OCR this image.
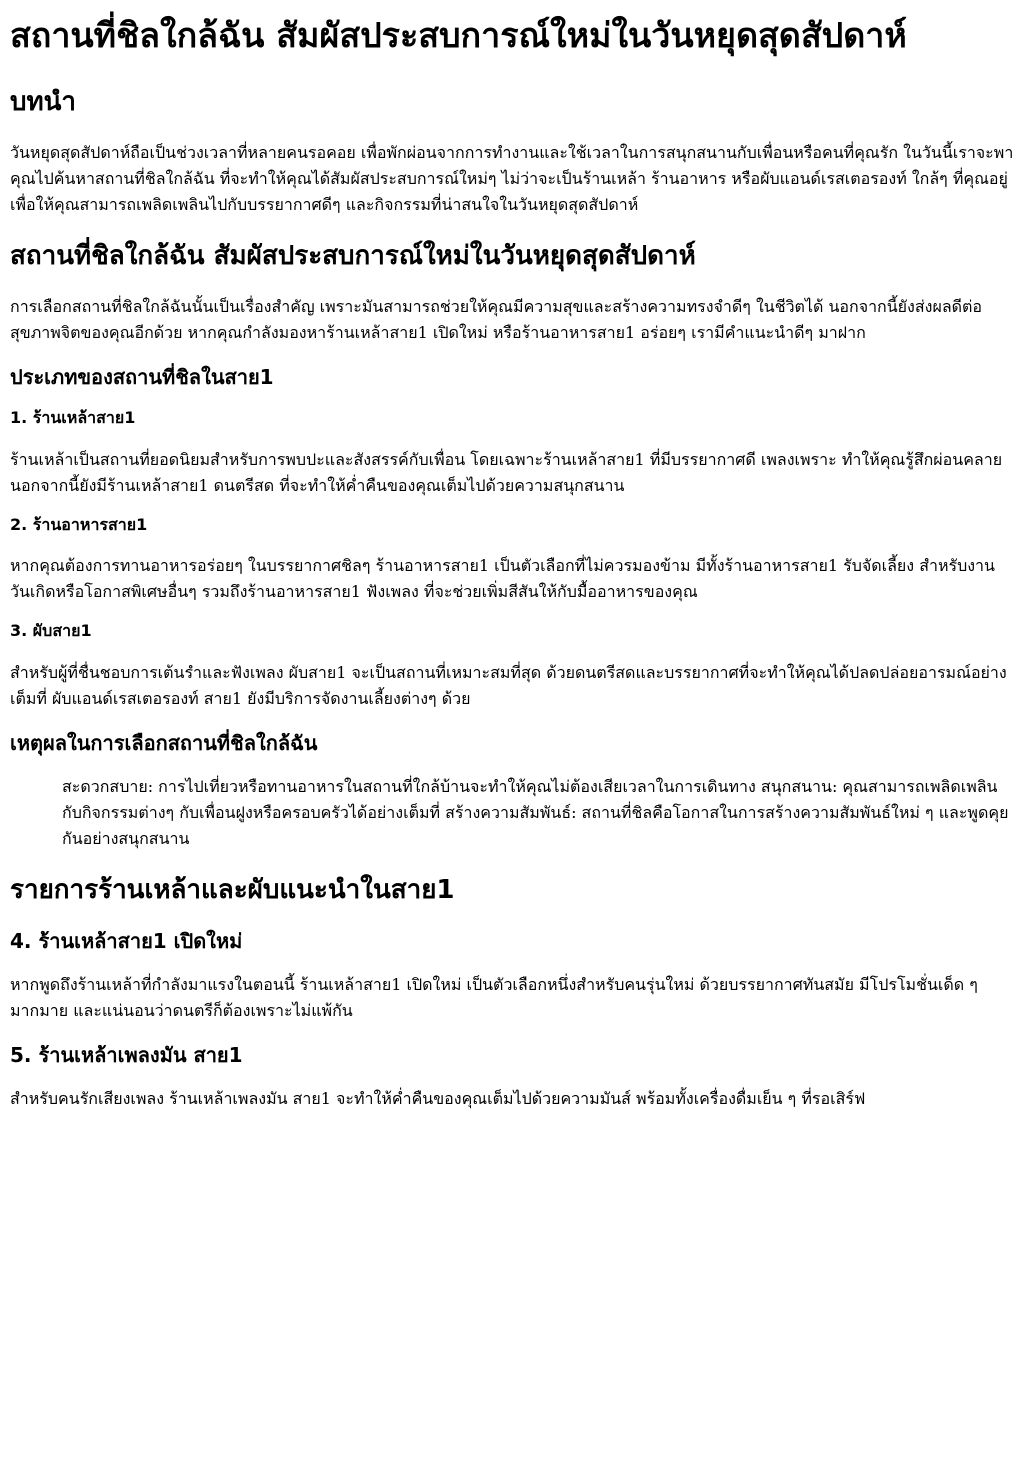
สถานที่ชิลใกล้ฉัน สัมผัสประสบการณ์ใหม่ในวันหยุดสุดสัปดาห์
บทนำ

วันหยุดสุดสัปดาห์ถือเป็นช่วงเวลาที่หลายคนรอคอย เพื่อพักผ่อนจากการทำงานและใช้เวลาในการสนุกสนานกับเพื่อนหรือคนที่คุณรัก ในวันนี้เราจะพาคุณไปค้นหาสถานที่ชิลใกล้ฉัน ที่จะทำให้คุณได้สัมผัสประสบการณ์ใหม่ๆ ไม่ว่าจะเป็นร้านเหล้า ร้านอาหาร หรือผับแอนด์เรสเตอรองท์ ใกล้ๆ ที่คุณอยู่ เพื่อให้คุณสามารถเพลิดเพลินไปกับบรรยากาศดีๆ และกิจกรรมที่น่าสนใจในวันหยุดสุดสัปดาห์

สถานที่ชิลใกล้ฉัน สัมผัสประสบการณ์ใหม่ในวันหยุดสุดสัปดาห์

การเลือกสถานที่ชิลใกล้ฉันนั้นเป็นเรื่องสำคัญ เพราะมันสามารถช่วยให้คุณมีความสุขและสร้างความทรงจำดีๆ ในชีวิตได้ นอกจากนี้ยังส่งผลดีต่อสุขภาพจิตของคุณอีกด้วย หากคุณกำลังมองหาร้านเหล้าสาย1 เปิดใหม่ หรือร้านอาหารสาย1 อร่อยๆ เรามีคำแนะนำดีๆ มาฝาก

ประเภทของสถานที่ชิลในสาย1
1. ร้านเหล้าสาย1

ร้านเหล้าเป็นสถานที่ยอดนิยมสำหรับการพบปะและสังสรรค์กับเพื่อน โดยเฉพาะร้านเหล้าสาย1 ที่มีบรรยากาศดี เพลงเพราะ ทำให้คุณรู้สึกผ่อนคลาย นอกจากนี้ยังมีร้านเหล้าสาย1 ดนตรีสด ที่จะทำให้ค่ำคืนของคุณเต็มไปด้วยความสนุกสนาน

2. ร้านอาหารสาย1

หากคุณต้องการทานอาหารอร่อยๆ ในบรรยากาศชิลๆ ร้านอาหารสาย1 เป็นตัวเลือกที่ไม่ควรมองข้าม มีทั้งร้านอาหารสาย1 รับจัดเลี้ยง สำหรับงานวันเกิดหรือโอกาสพิเศษอื่นๆ รวมถึงร้านอาหารสาย1 ฟังเพลง ที่จะช่วยเพิ่มสีสันให้กับมื้ออาหารของคุณ

3. ผับสาย1

สำหรับผู้ที่ชื่นชอบการเต้นรำและฟังเพลง ผับสาย1 จะเป็นสถานที่เหมาะสมที่สุด ด้วยดนตรีสดและบรรยากาศที่จะทำให้คุณได้ปลดปล่อยอารมณ์อย่างเต็มที่ ผับแอนด์เรสเตอรองท์ สาย1 ยังมีบริการจัดงานเลี้ยงต่างๆ ด้วย

เหตุผลในการเลือกสถานที่ชิลใกล้ฉัน
สะดวกสบาย: การไปเที่ยวหรือทานอาหารในสถานที่ใกล้บ้านจะทำให้คุณไม่ต้องเสียเวลาในการเดินทาง สนุกสนาน: คุณสามารถเพลิดเพลินกับกิจกรรมต่างๆ กับเพื่อนฝูงหรือครอบครัวได้อย่างเต็มที่ สร้างความสัมพันธ์: สถานที่ชิลคือโอกาสในการสร้างความสัมพันธ์ใหม่ ๆ และพูดคุยกันอย่างสนุกสนาน
รายการร้านเหล้าและผับแนะนำในสาย1
4. ร้านเหล้าสาย1 เปิดใหม่

หากพูดถึงร้านเหล้าที่กำลังมาแรงในตอนนี้ ร้านเหล้าสาย1 เปิดใหม่ เป็นตัวเลือกหนึ่งสำหรับคนรุ่นใหม่ ด้วยบรรยากาศทันสมัย มีโปรโมชั่นเด็ด ๆ มากมาย และแน่นอนว่าดนตรีก็ต้องเพราะไม่แพ้กัน

5. ร้านเหล้าเพลงมัน สาย1

สำหรับคนรักเสียงเพลง ร้านเหล้าเพลงมัน สาย1 จะทำให้ค่ำคืนของคุณเต็มไปด้วยความมันส์ พร้อมทั้งเครื่องดื่มเย็น ๆ ที่รอเสิร์ฟ
